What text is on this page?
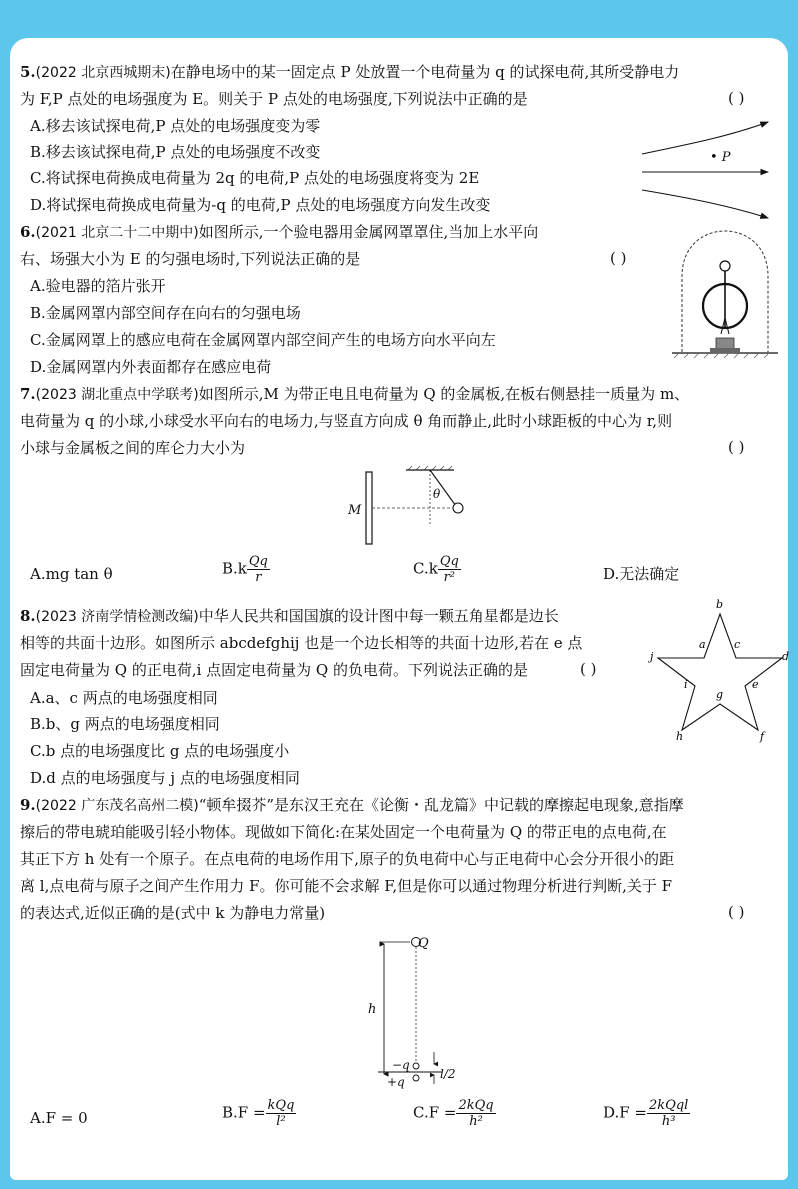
5.(2022 北京西城期末)在静电场中的某一固定点 P 处放置一个电荷量为 q 的试探电荷,其所受静电力
为 F,P 点处的电场强度为 E。则关于 P 点处的电场强度,下列说法中正确的是	( )
A.移去该试探电荷,P 点处的电场强度变为零
B.移去该试探电荷,P 点处的电场强度不改变
C.将试探电荷换成电荷量为 2q 的电荷,P 点处的电场强度将变为 2E
D.将试探电荷换成电荷量为-q 的电荷,P 点处的电场强度方向发生改变
• P
6.(2021 北京二十二中期中)如图所示,一个验电器用金属网罩罩住,当加上水平向
右、场强大小为 E 的匀强电场时,下列说法正确的是	( )
A.验电器的箔片张开
B.金属网罩内部空间存在向右的匀强电场
C.金属网罩上的感应电荷在金属网罩内部空间产生的电场方向水平向左
D.金属网罩内外表面都存在感应电荷
7.(2023 湖北重点中学联考)如图所示,M 为带正电且电荷量为 Q 的金属板,在板右侧悬挂一质量为 m、
电荷量为 q 的小球,小球受水平向右的电场力,与竖直方向成 θ 角而静止,此时小球距板的中心为 r,则
小球与金属板之间的库仑力大小为	( )
M
θ
A.mg tan θ	$B.k \frac{Qq}{r}$	$C.k \frac{Qq}{\text{r²}}$	D.无法确定
8.(2023 济南学情检测改编)中华人民共和国国旗的设计图中每一颗五角星都是边长
相等的共面十边形。如图所示 abcdefghij 也是一个边长相等的共面十边形,若在 e 点
固定电荷量为 Q 的正电荷,i 点固定电荷量为 Q 的负电荷。下列说法正确的是	( )
A.a、c 两点的电场强度相同
B.b、g 两点的电场强度相同
C.b 点的电场强度比 g 点的电场强度小
D.d 点的电场强度与 j 点的电场强度相同
b
a	c
d
j
e
i
g
f
h
9.(2022 广东茂名高州二模)“顿牟掇芥”是东汉王充在《论衡・乱龙篇》中记载的摩擦起电现象,意指摩
擦后的带电琥珀能吸引轻小物体。现做如下简化:在某处固定一个电荷量为 Q 的带正电的点电荷,在
其正下方 h 处有一个原子。在点电荷的电场作用下,原子的负电荷中心与正电荷中心会分开很小的距
离 l,点电荷与原子之间产生作用力 F。你可能不会求解 F,但是你可以通过物理分析进行判断,关于 F
的表达式,近似正确的是(式中 k 为静电力常量)	( )
Q
h
−q
+q
l/2
A.F = 0	$B.F = \frac{\text{kQq}}{\text{l²}}$	$C.F = \frac{\text{2kQq}}{\text{h²}}$	$D.F = \frac{\text{2kQql}}{\text{h³}}$
